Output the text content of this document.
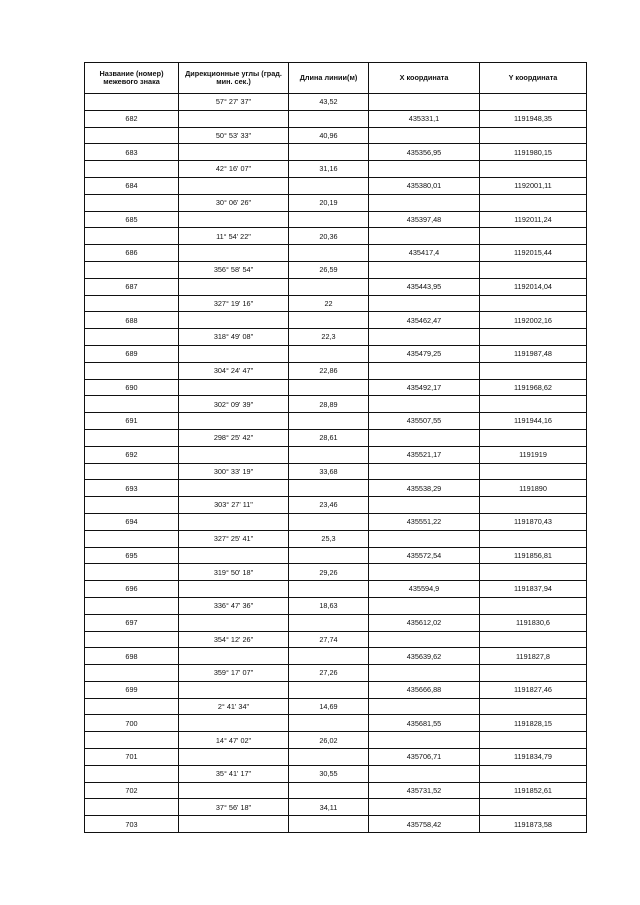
Название (номер) межевого знака	Дирекционные углы (град. мин. сек.)	Длина линии(м)	X координата	Y координата
	57° 27' 37"	43,52		
682			435331,1	1191948,35
	50° 53' 33"	40,96		
683			435356,95	1191980,15
	42° 16' 07"	31,16		
684			435380,01	1192001,11
	30° 06' 26"	20,19		
685			435397,48	1192011,24
	11° 54' 22"	20,36		
686			435417,4	1192015,44
	356° 58' 54"	26,59		
687			435443,95	1192014,04
	327° 19' 16"	22		
688			435462,47	1192002,16
	318° 49' 08"	22,3		
689			435479,25	1191987,48
	304° 24' 47"	22,86		
690			435492,17	1191968,62
	302° 09' 39"	28,89		
691			435507,55	1191944,16
	298° 25' 42"	28,61		
692			435521,17	1191919
	300° 33' 19"	33,68		
693			435538,29	1191890
	303° 27' 11"	23,46		
694			435551,22	1191870,43
	327° 25' 41"	25,3		
695			435572,54	1191856,81
	319° 50' 18"	29,26		
696			435594,9	1191837,94
	336° 47' 36"	18,63		
697			435612,02	1191830,6
	354° 12' 26"	27,74		
698			435639,62	1191827,8
	359° 17' 07"	27,26		
699			435666,88	1191827,46
	2° 41' 34"	14,69		
700			435681,55	1191828,15
	14° 47' 02"	26,02		
701			435706,71	1191834,79
	35° 41' 17"	30,55		
702			435731,52	1191852,61
	37° 56' 18"	34,11		
703			435758,42	1191873,58
